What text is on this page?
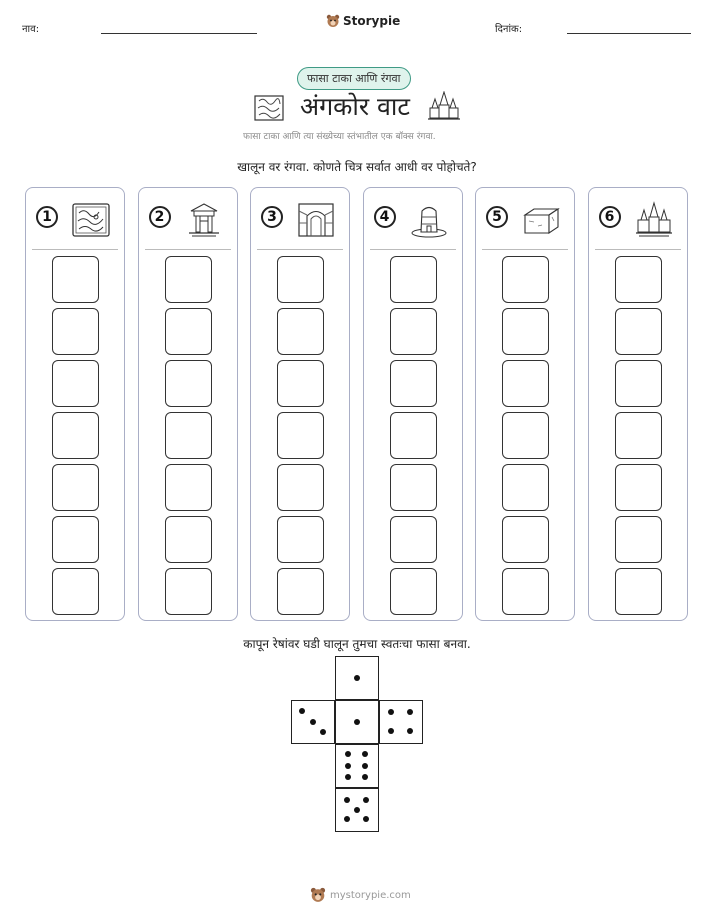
नाव:
Storypie
दिनांक:
फासा टाका आणि रंगवा
अंगकोर वाट
फासा टाका आणि त्या संख्येच्या स्तंभातील एक बॉक्स रंगवा.
खालून वर रंगवा. कोणते चित्र सर्वात आधी वर पोहोचते?
1	2	3	4	5	6
कापून रेषांवर घडी घालून तुमचा स्वतःचा फासा बनवा.
mystorypie.com
